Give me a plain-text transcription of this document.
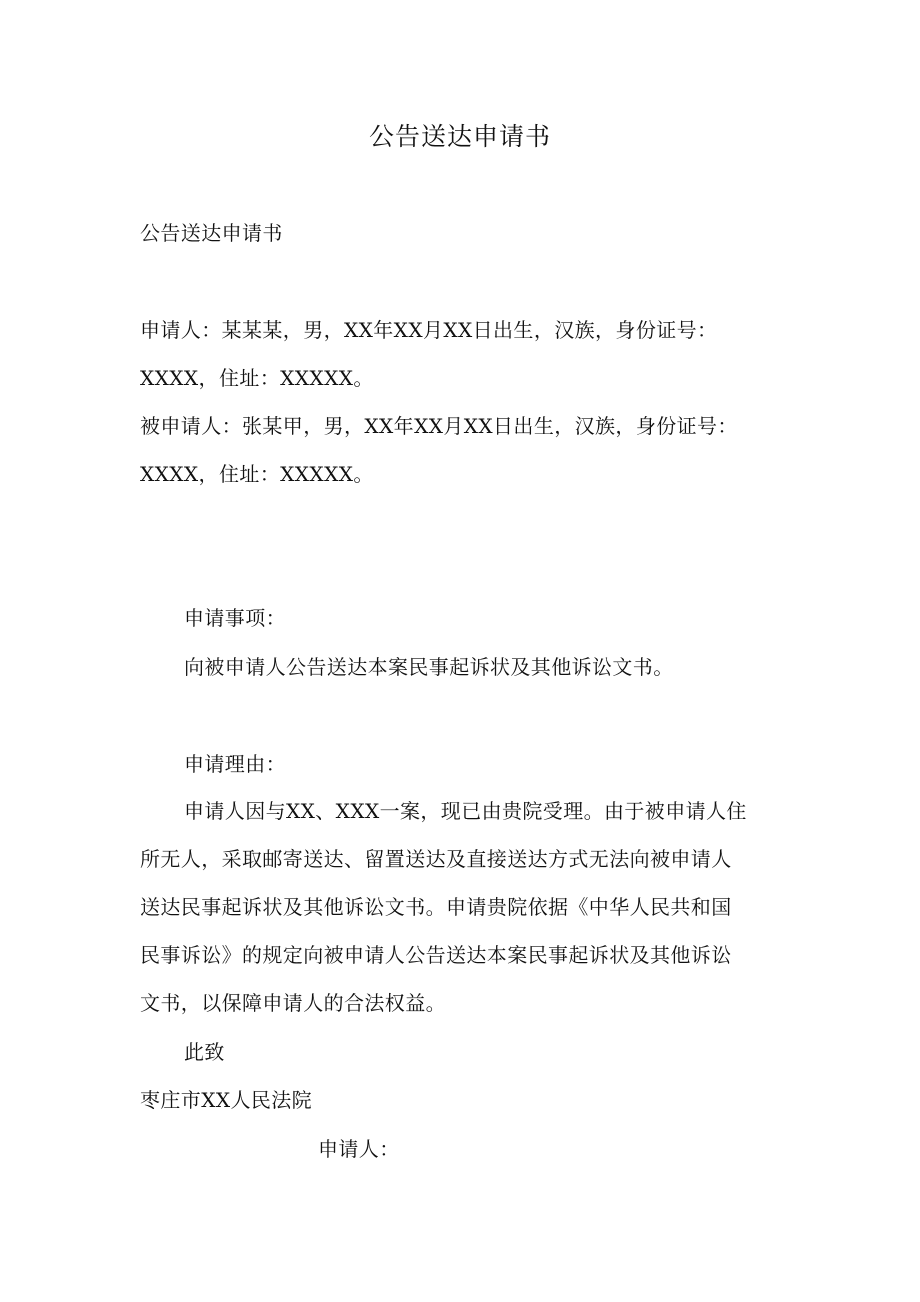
公告送达申请书
公告送达申请书
申请人：某某某，男，XX年XX月XX日出生，汉族，身份证号：
XXXX，住址：XXXXX。
被申请人：张某甲，男，XX年XX月XX日出生，汉族，身份证号：
XXXX，住址：XXXXX。
申请事项：
向被申请人公告送达本案民事起诉状及其他诉讼文书。
申请理由：
申请人因与XX、XXX一案，现已由贵院受理。由于被申请人住
所无人，采取邮寄送达、留置送达及直接送达方式无法向被申请人
送达民事起诉状及其他诉讼文书。申请贵院依据《中华人民共和国
民事诉讼》的规定向被申请人公告送达本案民事起诉状及其他诉讼
文书，以保障申请人的合法权益。
此致
枣庄市XX人民法院
申请人：
